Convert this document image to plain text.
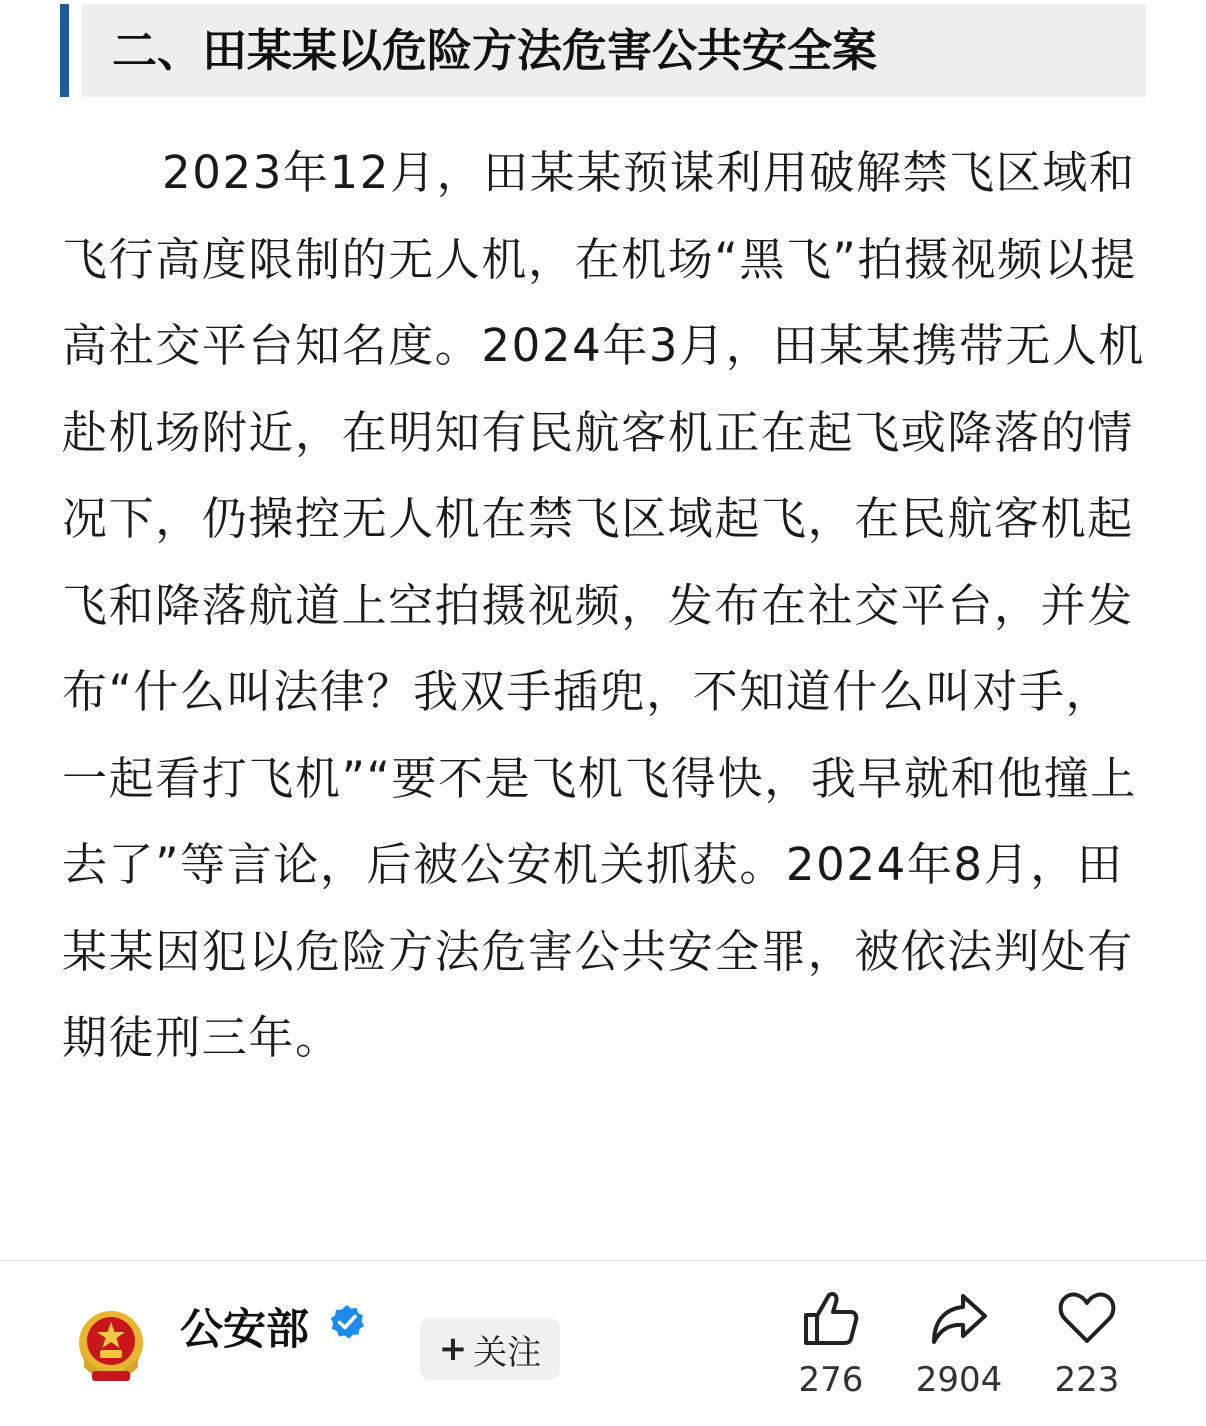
二、田某某以危险方法危害公共安全案

2023年12月，田某某预谋利用破解禁飞区域和飞行高度限制的无人机，在机场“黑飞”拍摄视频以提高社交平台知名度。2024年3月，田某某携带无人机赴机场附近，在明知有民航客机正在起飞或降落的情况下，仍操控无人机在禁飞区域起飞，在民航客机起飞和降落航道上空拍摄视频，发布在社交平台，并发布“什么叫法律？我双手插兜，不知道什么叫对手，一起看打飞机”“要不是飞机飞得快，我早就和他撞上去了”等言论，后被公安机关抓获。2024年8月，田某某因犯以危险方法危害公共安全罪，被依法判处有期徒刑三年。

公安部	+ 关注
276	2904	223
